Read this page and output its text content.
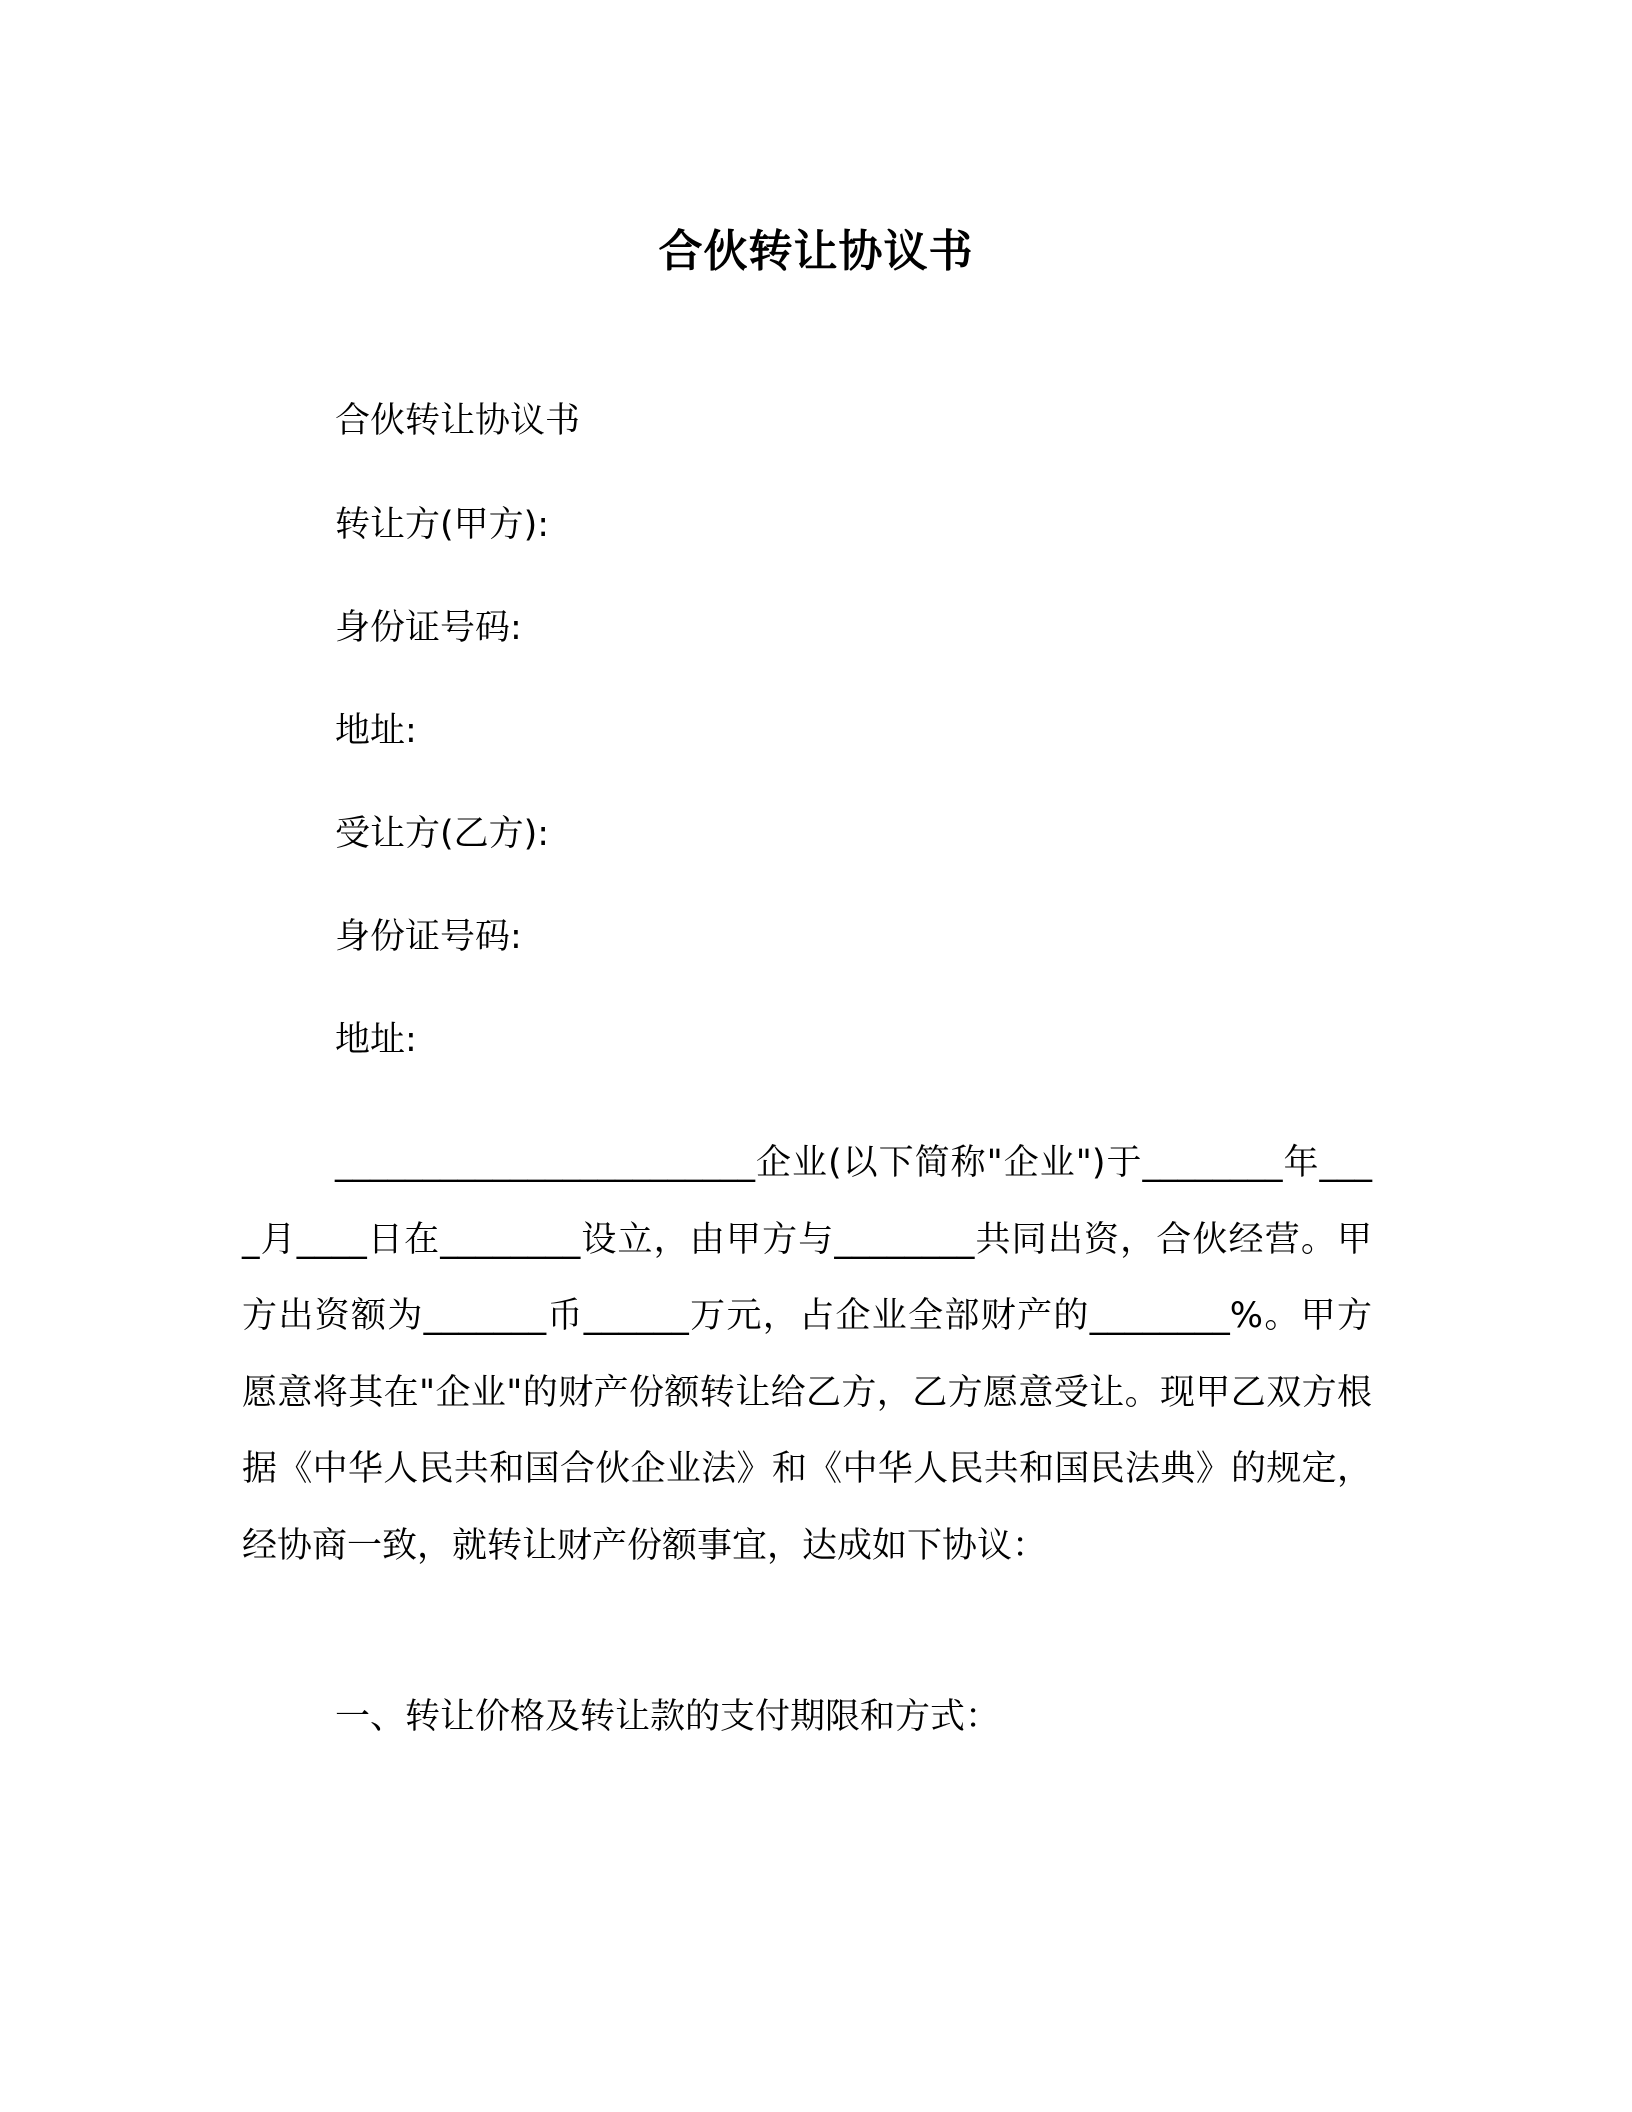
合伙转让协议书
合伙转让协议书
转让方(甲方):
身份证号码:
地址:
受让方(乙方):
身份证号码:
地址:

________________________企业(以下简称"企业")于________年____月____日在________设立，由甲方与________共同出资，合伙经营。甲方出资额为_______币______万元，占企业全部财产的________%。甲方愿意将其在"企业"的财产份额转让给乙方，乙方愿意受让。现甲乙双方根据《中华人民共和国合伙企业法》和《中华人民共和国民法典》的规定，经协商一致，就转让财产份额事宜，达成如下协议：

一、转让价格及转让款的支付期限和方式：
